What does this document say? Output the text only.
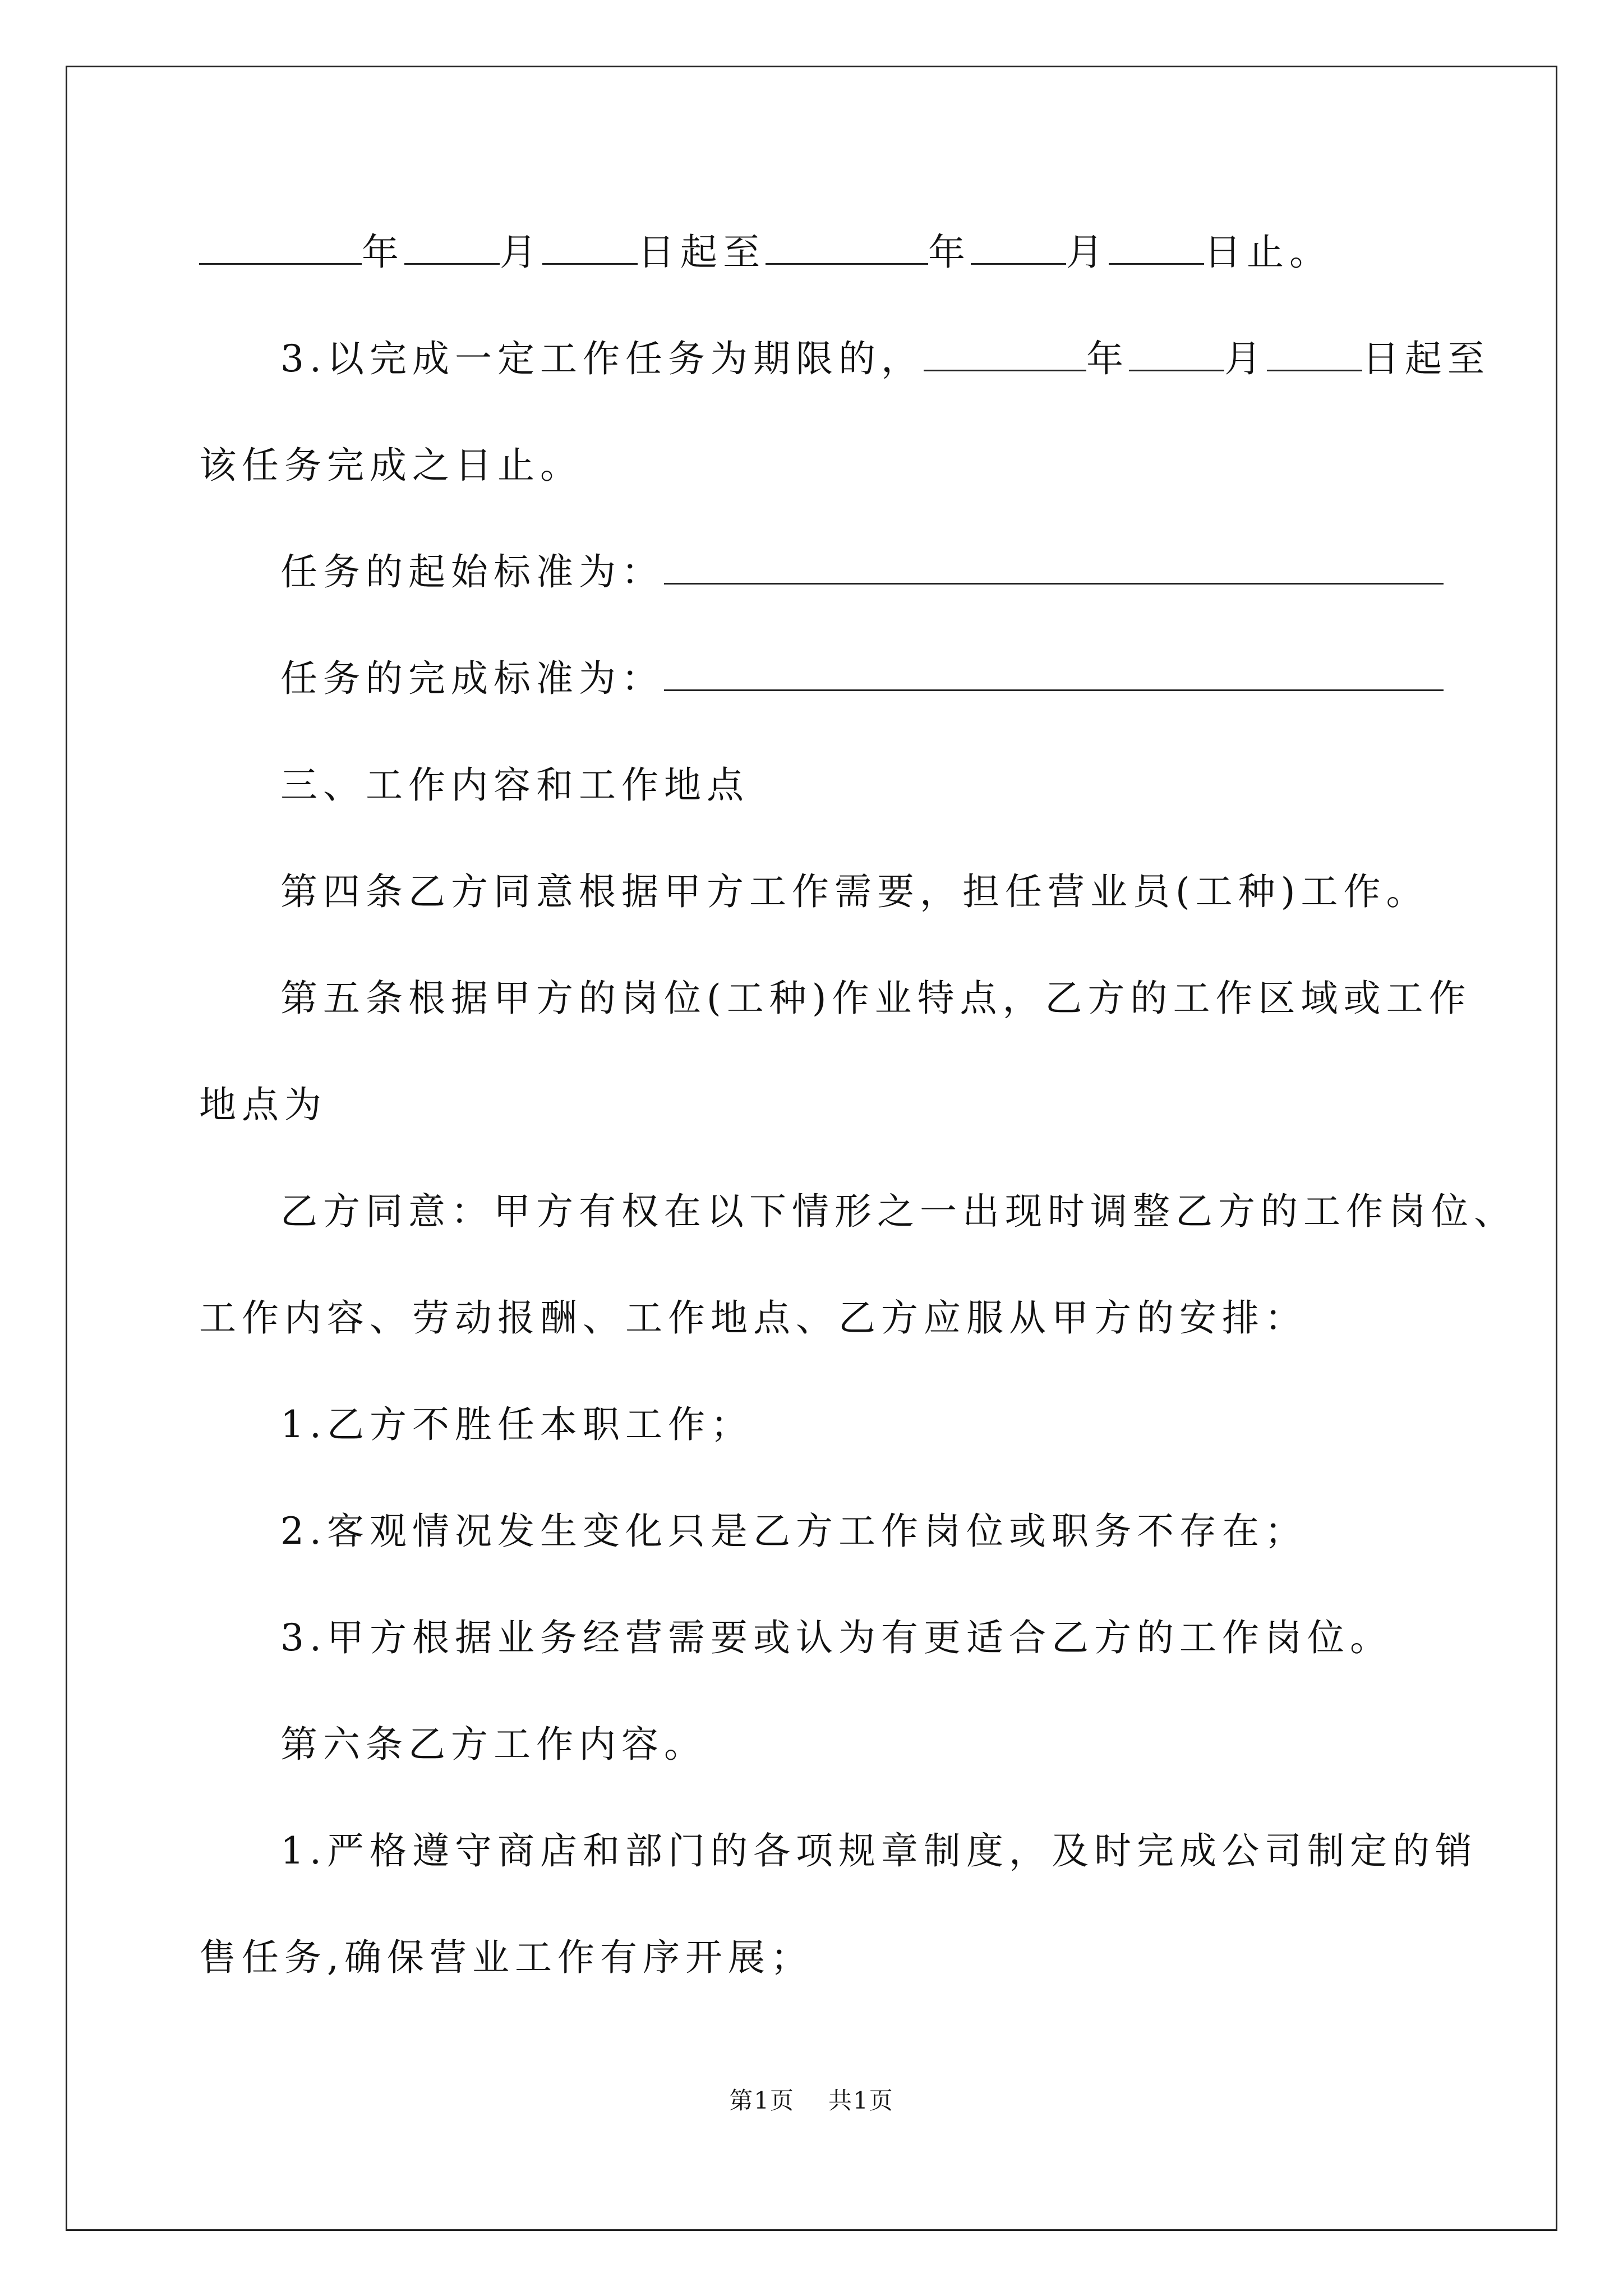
年	月	日起至	年	月	日止。
3.以完成一定工作任务为期限的，	年	月	日起至
该任务完成之日止。
任务的起始标准为：
任务的完成标准为：
三、工作内容和工作地点
第四条乙方同意根据甲方工作需要，担任营业员(工种)工作。
第五条根据甲方的岗位(工种)作业特点，乙方的工作区域或工作
地点为
乙方同意：甲方有权在以下情形之一出现时调整乙方的工作岗位、
工作内容、劳动报酬、工作地点、乙方应服从甲方的安排：
1.乙方不胜任本职工作；
2.客观情况发生变化只是乙方工作岗位或职务不存在；
3.甲方根据业务经营需要或认为有更适合乙方的工作岗位。
第六条乙方工作内容。
1.严格遵守商店和部门的各项规章制度，及时完成公司制定的销
售任务,确保营业工作有序开展；
第1页 共1页
